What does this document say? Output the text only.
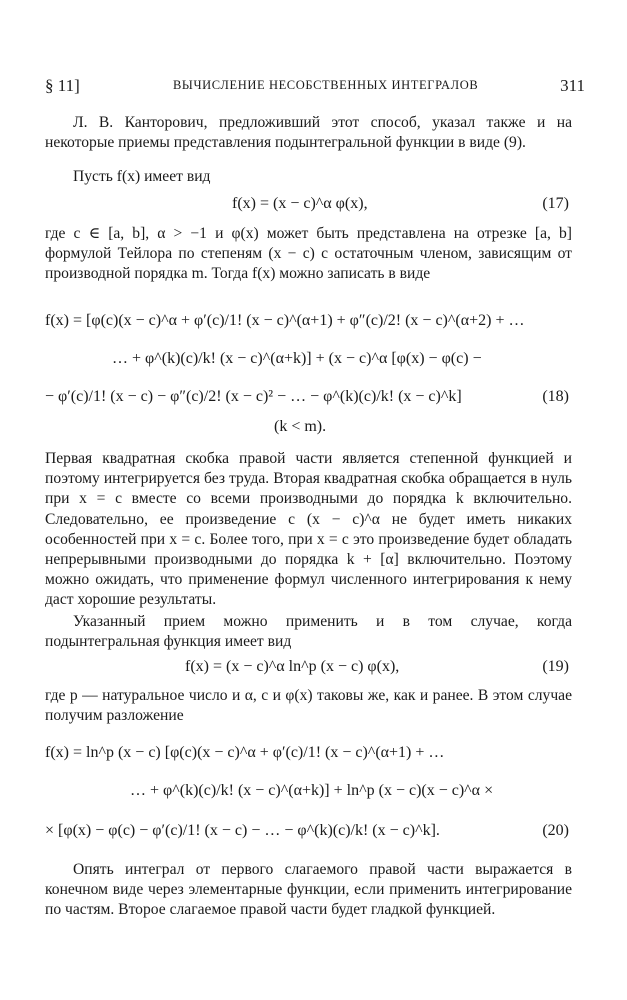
§ 11]	ВЫЧИСЛЕНИЕ НЕСОБСТВЕННЫХ ИНТЕГРАЛОВ	311
Л. В. Канторович, предложивший этот способ, указал также и на некоторые приемы представления подынтегральной функции в виде (9).
Пусть f(x) имеет вид
f(x) = (x − c)^α φ(x),	(17)
где c ∈ [a, b], α > −1 и φ(x) может быть представлена на отрезке [a, b] формулой Тейлора по степеням (x − c) с остаточным членом, зависящим от производной порядка m. Тогда f(x) можно записать в виде
f(x) = [φ(c)(x − c)^α + φ′(c)/1! (x − c)^(α+1) + φ″(c)/2! (x − c)^(α+2) + …
… + φ^(k)(c)/k! (x − c)^(α+k)] + (x − c)^α [φ(x) − φ(c) −
− φ′(c)/1! (x − c) − φ″(c)/2! (x − c)² − … − φ^(k)(c)/k! (x − c)^k]	(18)
(k < m).
Первая квадратная скобка правой части является степенной функцией и поэтому интегрируется без труда. Вторая квадратная скобка обращается в нуль при x = c вместе со всеми производными до порядка k включительно. Следовательно, ее произведение с (x − c)^α не будет иметь никаких особенностей при x = c. Более того, при x = c это произведение будет обладать непрерывными производными до порядка k + [α] включительно. Поэтому можно ожидать, что применение формул численного интегрирования к нему даст хорошие результаты.
Указанный прием можно применить и в том случае, когда подынтегральная функция имеет вид
f(x) = (x − c)^α ln^p (x − c) φ(x),	(19)
где p — натуральное число и α, c и φ(x) таковы же, как и ранее. В этом случае получим разложение
f(x) = ln^p (x − c) [φ(c)(x − c)^α + φ′(c)/1! (x − c)^(α+1) + …
… + φ^(k)(c)/k! (x − c)^(α+k)] + ln^p (x − c)(x − c)^α ×
× [φ(x) − φ(c) − φ′(c)/1! (x − c) − … − φ^(k)(c)/k! (x − c)^k].	(20)
Опять интеграл от первого слагаемого правой части выражается в конечном виде через элементарные функции, если применить интегрирование по частям. Второе слагаемое правой части будет гладкой функцией.
